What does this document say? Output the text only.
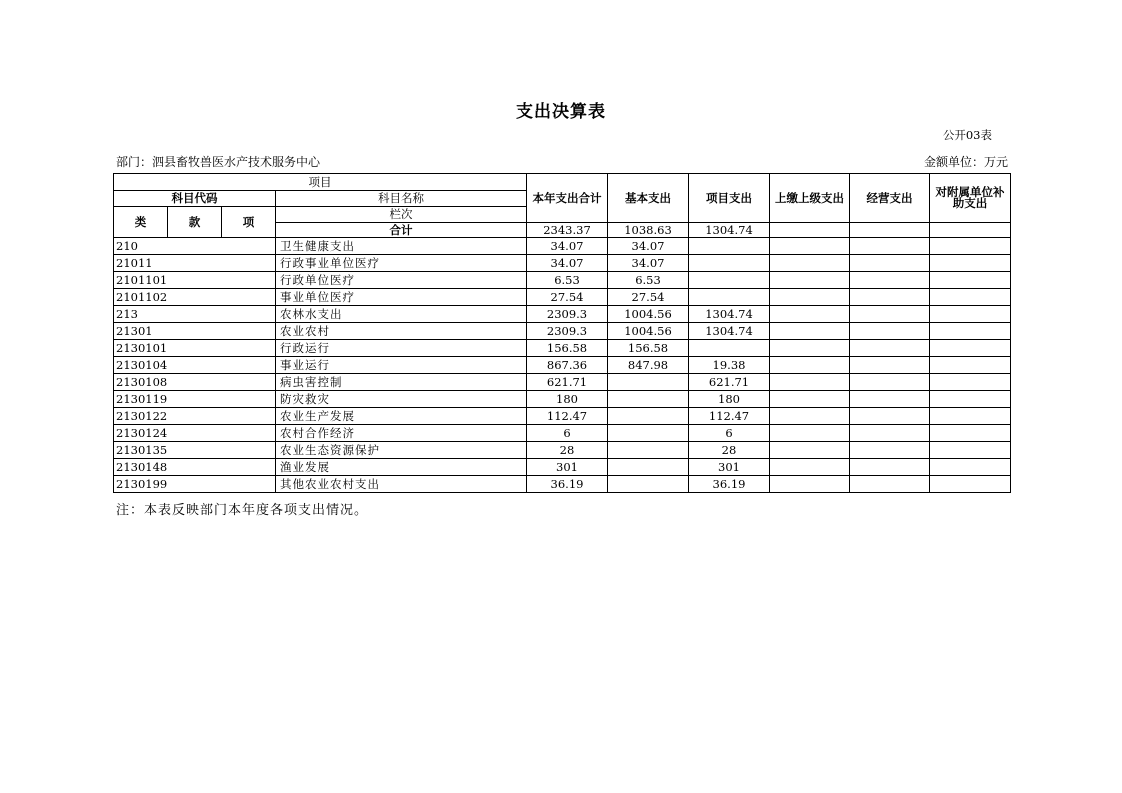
支出决算表
公开03表
部门：泗县畜牧兽医水产技术服务中心	金额单位：万元
项目				本年支出合计	基本支出	项目支出	上缴上级支出	经营支出	对附属单位补助支出	
科目代码			科目名称							
类	款	项	栏次						
			合计	2343.37	1038.63	1304.74				
210			卫生健康支出	34.07	34.07					
21011			行政事业单位医疗	34.07	34.07					
2101101			行政单位医疗	6.53	6.53					
2101102			事业单位医疗	27.54	27.54					
213			农林水支出	2309.3	1004.56	1304.74				
21301			农业农村	2309.3	1004.56	1304.74				
2130101			行政运行	156.58	156.58					
2130104			事业运行	867.36	847.98	19.38				
2130108			病虫害控制	621.71		621.71				
2130119			防灾救灾	180		180				
2130122			农业生产发展	112.47		112.47				
2130124			农村合作经济	6		6				
2130135			农业生态资源保护	28		28				
2130148			渔业发展	301		301				
2130199			其他农业农村支出	36.19		36.19				
注：本表反映部门本年度各项支出情况。
